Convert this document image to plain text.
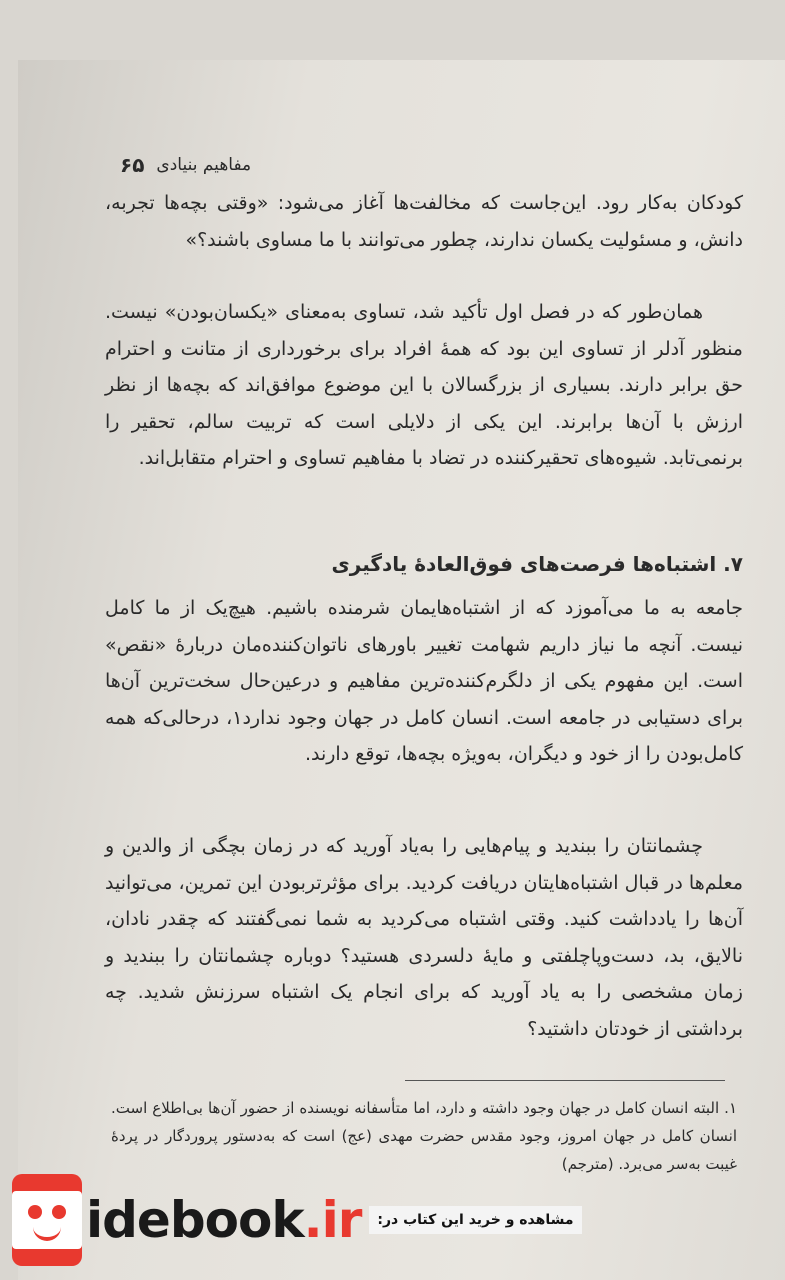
۶۵ مفاهیم بنیادی
کودکان به‌کار رود. این‌جاست که مخالفت‌ها آغاز می‌شود: «وقتی بچه‌ها تجربه، دانش، و مسئولیت یکسان ندارند، چطور می‌توانند با ما مساوی باشند؟»
همان‌طور که در فصل اول تأکید شد، تساوی به‌معنای «یکسان‌بودن» نیست. منظور آدلر از تساوی این بود که همهٔ افراد برای برخورداری از متانت و احترام حق برابر دارند. بسیاری از بزرگسالان با این موضوع موافق‌اند که بچه‌ها از نظر ارزش با آن‌ها برابرند. این یکی از دلایلی است که تربیت سالم، تحقیر را برنمی‌تابد. شیوه‌های تحقیرکننده در تضاد با مفاهیم تساوی و احترام متقابل‌اند.
۷. اشتباه‌ها فرصت‌های فوق‌العادهٔ یادگیری
جامعه به ما می‌آموزد که از اشتباه‌هایمان شرمنده باشیم. هیچ‌یک از ما کامل نیست. آنچه ما نیاز داریم شهامت تغییر باورهای ناتوان‌کننده‌مان دربارهٔ «نقص» است. این مفهوم یکی از دلگرم‌کننده‌ترین مفاهیم و درعین‌حال سخت‌ترین آن‌ها برای دستیابی در جامعه است. انسان کامل در جهان وجود ندارد۱، درحالی‌که همه کامل‌بودن را از خود و دیگران، به‌ویژه بچه‌ها، توقع دارند.
چشمانتان را ببندید و پیام‌هایی را به‌یاد آورید که در زمان بچگی از والدین و معلم‌ها در قبال اشتباه‌هایتان دریافت کردید. برای مؤثرتربودن این تمرین، می‌توانید آن‌ها را یادداشت کنید. وقتی اشتباه می‌کردید به شما نمی‌گفتند که چقدر نادان، نالایق، بد، دست‌وپاچلفتی و مایهٔ دلسردی هستید؟ دوباره چشمانتان را ببندید و زمان مشخصی را به یاد آورید که برای انجام یک اشتباه سرزنش شدید. چه برداشتی از خودتان داشتید؟
۱. البته انسان کامل در جهان وجود داشته و دارد، اما متأسفانه نویسنده از حضور آن‌ها بی‌اطلاع است. انسان کامل در جهان امروز، وجود مقدس حضرت مهدی (عج) است که به‌دستور پروردگار در پردهٔ غیبت به‌سر می‌برد. (مترجم)
idebook.ir	مشاهده و خرید این کتاب در:
